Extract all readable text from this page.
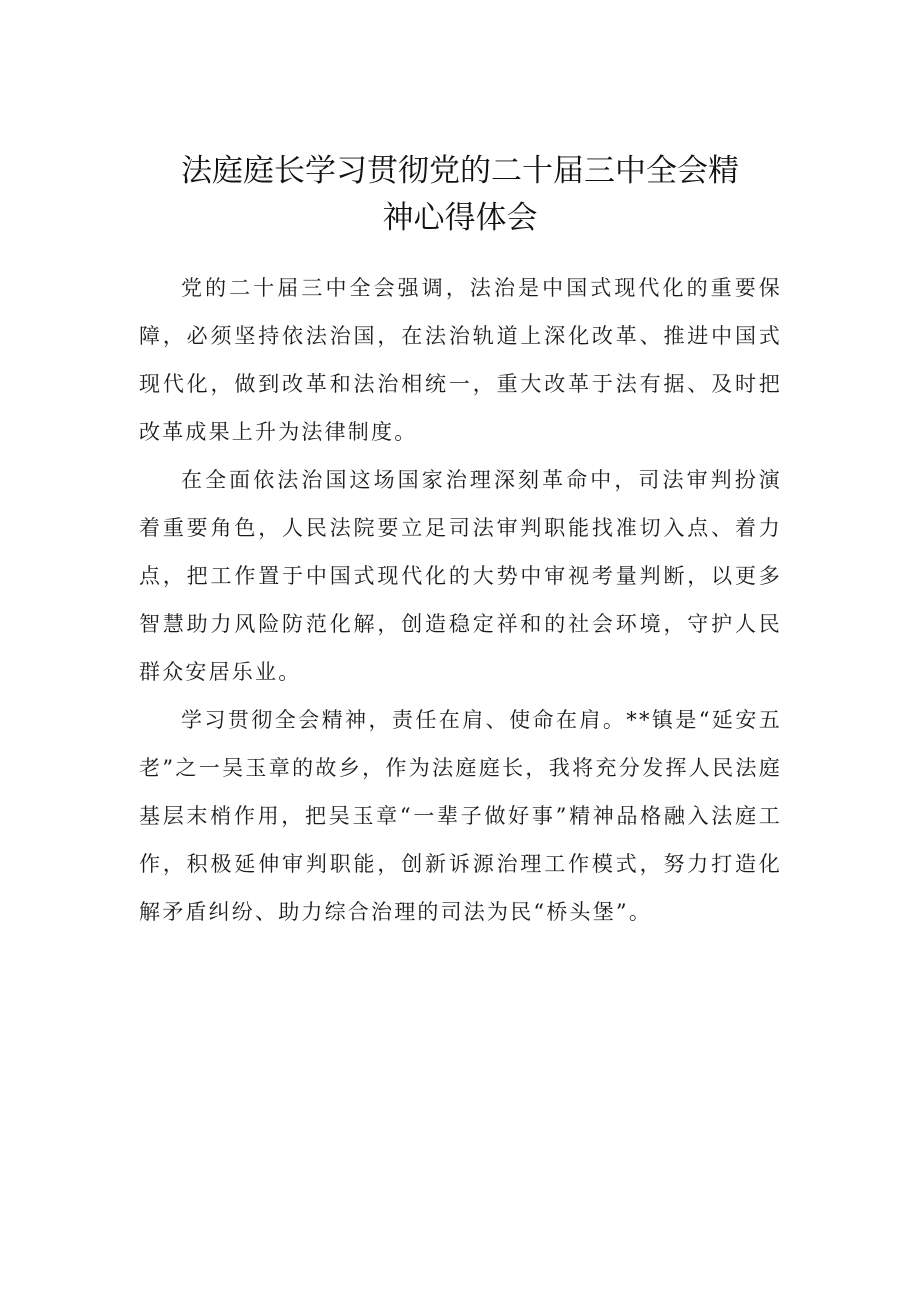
法庭庭长学习贯彻党的二十届三中全会精
神心得体会

党的二十届三中全会强调，法治是中国式现代化的重要保障，必须坚持依法治国，在法治轨道上深化改革、推进中国式现代化，做到改革和法治相统一，重大改革于法有据、及时把改革成果上升为法律制度。

在全面依法治国这场国家治理深刻革命中，司法审判扮演着重要角色，人民法院要立足司法审判职能找准切入点、着力点，把工作置于中国式现代化的大势中审视考量判断，以更多智慧助力风险防范化解，创造稳定祥和的社会环境，守护人民群众安居乐业。

学习贯彻全会精神，责任在肩、使命在肩。**镇是“延安五老”之一吴玉章的故乡，作为法庭庭长，我将充分发挥人民法庭基层末梢作用，把吴玉章“一辈子做好事”精神品格融入法庭工作，积极延伸审判职能，创新诉源治理工作模式，努力打造化解矛盾纠纷、助力综合治理的司法为民“桥头堡”。
